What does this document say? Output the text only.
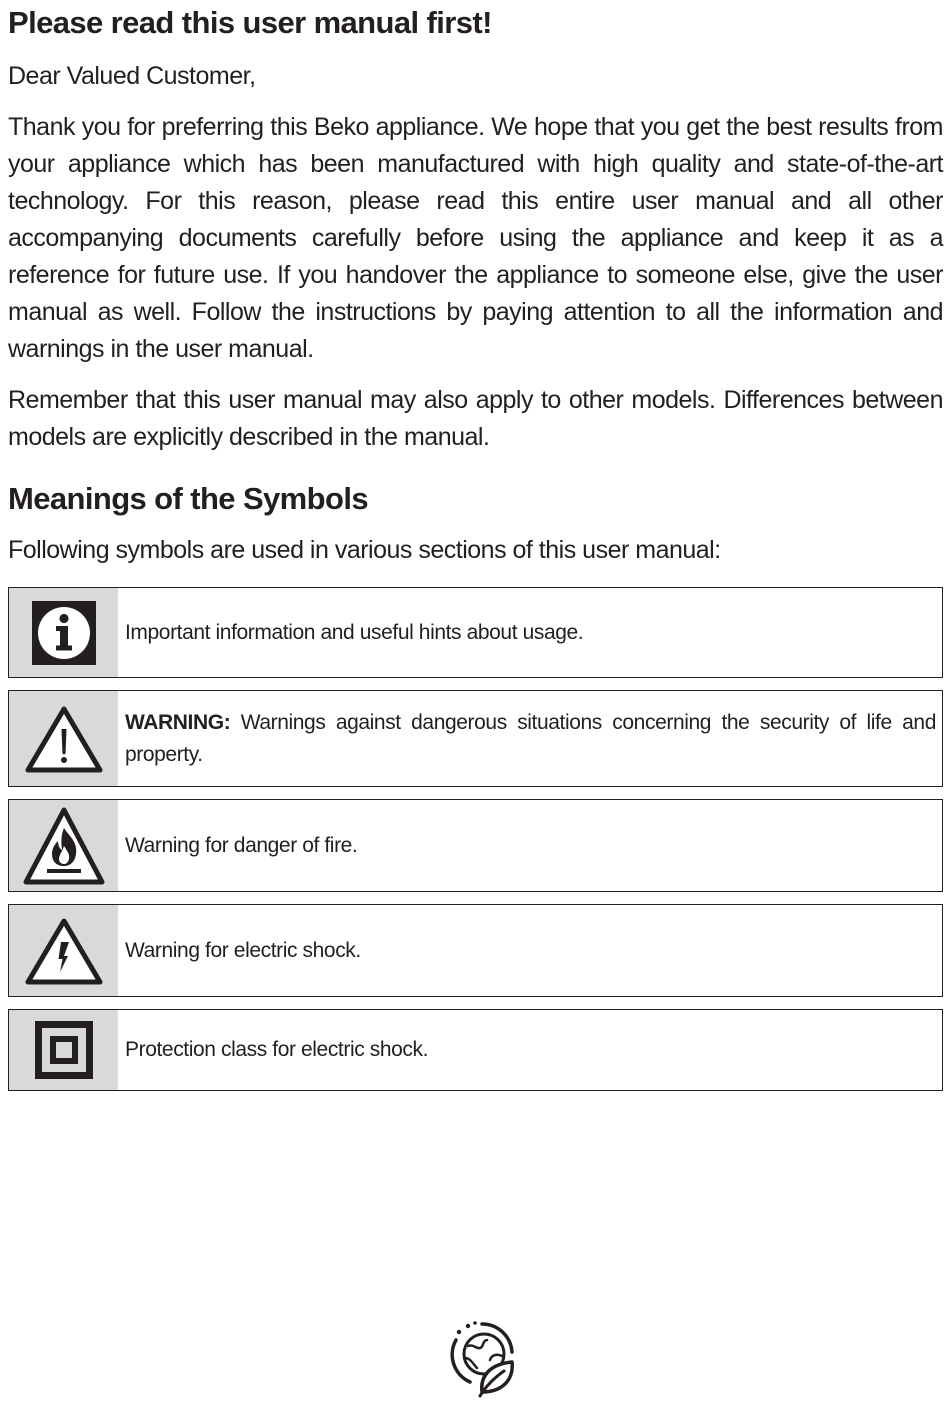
Please read this user manual first!

Dear Valued Customer,

Thank you for preferring this Beko appliance. We hope that you get the best results from your appliance which has been manufactured with high quality and state-of-the-art technology. For this reason, please read this entire user manual and all other accompanying documents carefully before using the appliance and keep it as a reference for future use. If you handover the appliance to someone else, give the user manual as well. Follow the instructions by paying attention to all the information and warnings in the user manual.

Remember that this user manual may also apply to other models. Differences between models are explicitly described in the manual.

Meanings of the Symbols

Following symbols are used in various sections of this user manual:

Important information and useful hints about usage.
WARNING: Warnings against dangerous situations concerning the security of life and property.
Warning for danger of fire.
Warning for electric shock.
Protection class for electric shock.
